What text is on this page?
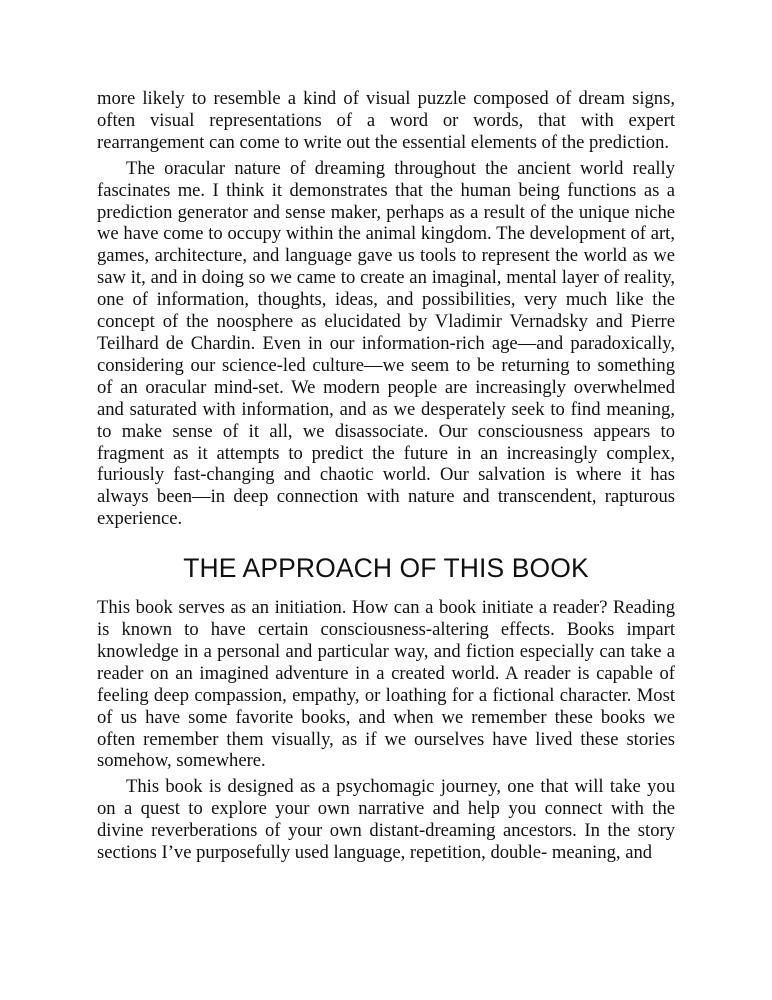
more likely to resemble a kind of visual puzzle composed of dream signs, often visual representations of a word or words, that with expert rearrangement can come to write out the essential elements of the prediction.

The oracular nature of dreaming throughout the ancient world really fascinates me. I think it demonstrates that the human being functions as a prediction generator and sense maker, perhaps as a result of the unique niche we have come to occupy within the animal kingdom. The development of art, games, architecture, and language gave us tools to represent the world as we saw it, and in doing so we came to create an imaginal, mental layer of reality, one of information, thoughts, ideas, and possibilities, very much like the concept of the noosphere as elucidated by Vladimir Vernadsky and Pierre Teilhard de Chardin. Even in our information-rich age—and paradoxically, considering our science-led culture—we seem to be returning to something of an oracular mind-set. We modern people are increasingly overwhelmed and saturated with information, and as we desperately seek to find meaning, to make sense of it all, we disassociate. Our consciousness appears to fragment as it attempts to predict the future in an increasingly complex, furiously fast-changing and chaotic world. Our salvation is where it has always been—in deep connection with nature and transcendent, rapturous experience.

THE APPROACH OF THIS BOOK

This book serves as an initiation. How can a book initiate a reader? Reading is known to have certain consciousness-altering effects. Books impart knowledge in a personal and particular way, and fiction especially can take a reader on an imagined adventure in a created world. A reader is capable of feeling deep compassion, empathy, or loathing for a fictional character. Most of us have some favorite books, and when we remember these books we often remember them visually, as if we ourselves have lived these stories somehow, somewhere.

This book is designed as a psychomagic journey, one that will take you on a quest to explore your own narrative and help you connect with the divine reverberations of your own distant-dreaming ancestors. In the story sections I’ve purposefully used language, repetition, double- meaning, and
